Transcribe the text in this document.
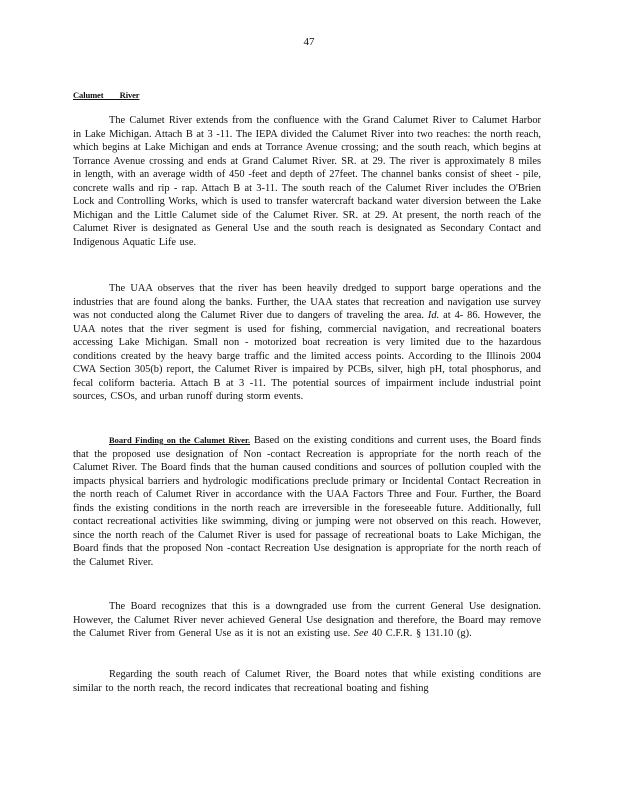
47
Calumet        River

The Calumet River extends from the confluence with the Grand Calumet River to Calumet Harbor in Lake Michigan. Attach B at 3 -11. The IEPA divided the Calumet River into two reaches: the north reach, which begins at Lake Michigan and ends at Torrance Avenue crossing; and the south reach, which begins at Torrance Avenue crossing and ends at Grand Calumet River. SR. at 29. The river is approximately 8 miles in length, with an average width of 450 -feet and depth of 27feet. The channel banks consist of sheet - pile, concrete walls and rip - rap. Attach B at 3-11. The south reach of the Calumet River includes the O'Brien Lock and Controlling Works, which is used to transfer watercraft backand water diversion between the Lake Michigan and the Little Calumet side of the Calumet River. SR. at 29. At present, the north reach of the Calumet River is designated as General Use and the south reach is designated as Secondary Contact and Indigenous Aquatic Life use.

The UAA observes that the river has been heavily dredged to support barge operations and the industries that are found along the banks. Further, the UAA states that recreation and navigation use survey was not conducted along the Calumet River due to dangers of traveling the area. Id. at 4- 86. However, the UAA notes that the river segment is used for fishing, commercial navigation, and recreational boaters accessing Lake Michigan. Small non - motorized boat recreation is very limited due to the hazardous conditions created by the heavy barge traffic and the limited access points. According to the Illinois 2004 CWA Section 305(b) report, the Calumet River is impaired by PCBs, silver, high pH, total phosphorus, and fecal coliform bacteria. Attach B at 3 -11. The potential sources of impairment include industrial point sources, CSOs, and urban runoff during storm events.

Board Finding on the Calumet River. Based on the existing conditions and current uses, the Board finds that the proposed use designation of Non -contact Recreation is appropriate for the north reach of the Calumet River. The Board finds that the human caused conditions and sources of pollution coupled with the impacts physical barriers and hydrologic modifications preclude primary or Incidental Contact Recreation in the north reach of Calumet River in accordance with the UAA Factors Three and Four. Further, the Board finds the existing conditions in the north reach are irreversible in the foreseeable future. Additionally, full contact recreational activities like swimming, diving or jumping were not observed on this reach. However, since the north reach of the Calumet River is used for passage of recreational boats to Lake Michigan, the Board finds that the proposed Non -contact Recreation Use designation is appropriate for the north reach of the Calumet River.

The Board recognizes that this is a downgraded use from the current General Use designation. However, the Calumet River never achieved General Use designation and therefore, the Board may remove the Calumet River from General Use as it is not an existing use. See 40 C.F.R. § 131.10 (g).

Regarding the south reach of Calumet River, the Board notes that while existing conditions are similar to the north reach, the record indicates that recreational boating and fishing
